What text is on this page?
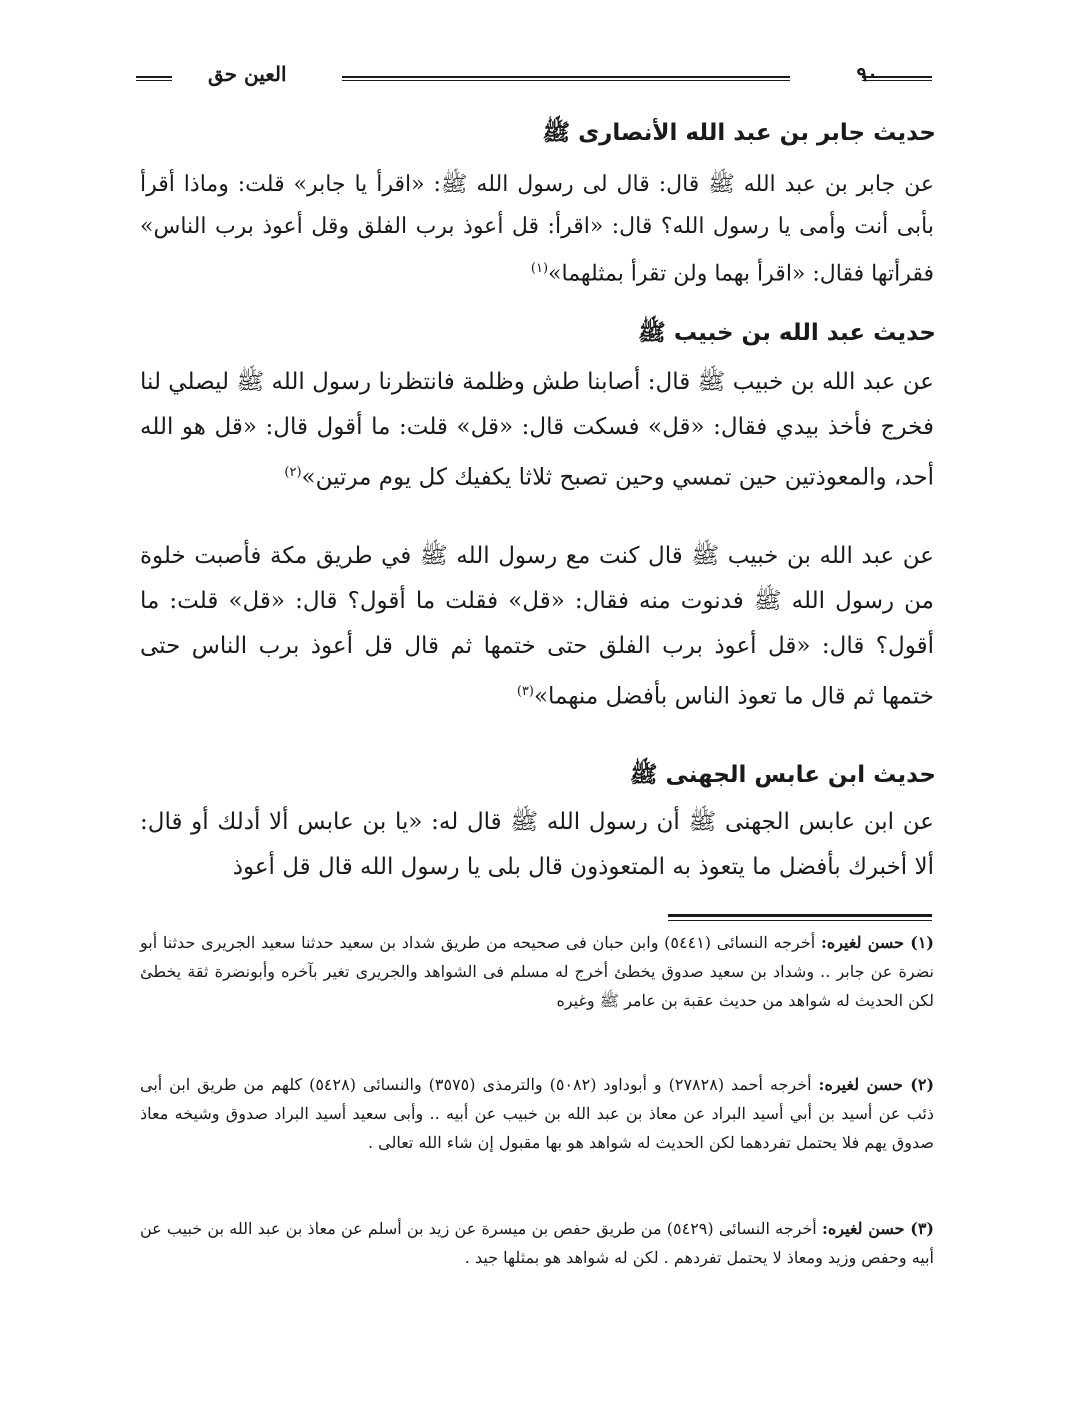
العين حق	٩٠
حديث جابر بن عبد الله الأنصارى ﷺ
عن جابر بن عبد الله ﷺ قال: قال لى رسول الله ﷺ: «اقرأ يا جابر» قلت: وماذا أقرأ بأبى أنت وأمى يا رسول الله؟ قال: «اقرأ: قل أعوذ برب الفلق وقل أعوذ برب الناس» فقرأتها فقال: «اقرأ بهما ولن تقرأ بمثلهما»$^{(١)}$
حديث عبد الله بن خبيب ﷺ
عن عبد الله بن خبيب ﷺ قال: أصابنا طش وظلمة فانتظرنا رسول الله ﷺ ليصلي لنا فخرج فأخذ بيدي فقال: «قل» فسكت قال: «قل» قلت: ما أقول قال: «قل هو الله أحد، والمعوذتين حين تمسي وحين تصبح ثلاثا يكفيك كل يوم مرتين»$^{(٢)}$
عن عبد الله بن خبيب ﷺ قال كنت مع رسول الله ﷺ في طريق مكة فأصبت خلوة من رسول الله ﷺ فدنوت منه فقال: «قل» فقلت ما أقول؟ قال: «قل» قلت: ما أقول؟ قال: «قل أعوذ برب الفلق حتى ختمها ثم قال قل أعوذ برب الناس حتى ختمها ثم قال ما تعوذ الناس بأفضل منهما»$^{(٣)}$
حديث ابن عابس الجهنى ﷺ
عن ابن عابس الجهنى ﷺ أن رسول الله ﷺ قال له: «يا بن عابس ألا أدلك أو قال: ألا أخبرك بأفضل ما يتعوذ به المتعوذون قال بلى يا رسول الله قال قل أعوذ
(١) حسن لغيره: أخرجه النسائى (٥٤٤١) وابن حبان فى صحيحه من طريق شداد بن سعيد حدثنا سعيد الجريرى حدثنا أبو نضرة عن جابر .. وشداد بن سعيد صدوق يخطئ أخرج له مسلم فى الشواهد والجريرى تغير بآخره وأبونضرة ثقة يخطئ لكن الحديث له شواهد من حديث عقبة بن عامر ﷺ وغيره
(٢) حسن لغيره: أخرجه أحمد (٢٧٨٢٨) و أبوداود (٥٠٨٢) والترمذى (٣٥٧٥) والنسائى (٥٤٢٨) كلهم من طريق ابن أبى ذئب عن أسيد بن أبي أسيد البراد عن معاذ بن عبد الله بن خبيب عن أبيه .. وأبى سعيد أسيد البراد صدوق وشيخه معاذ صدوق يهم فلا يحتمل تفردهما لكن الحديث له شواهد هو بها مقبول إن شاء الله تعالى .
(٣) حسن لغيره: أخرجه النسائى (٥٤٢٩) من طريق حفص بن ميسرة عن زيد بن أسلم عن معاذ بن عبد الله بن خبيب عن أبيه وحفص وزيد ومعاذ لا يحتمل تفردهم . لكن له شواهد هو بمثلها جيد .
